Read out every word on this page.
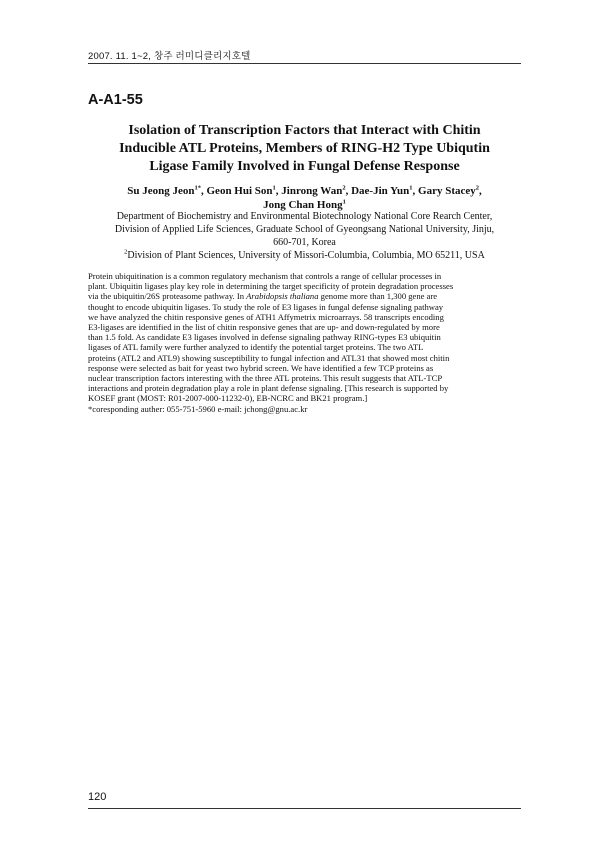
2007. 11. 1~2, 창주 러미디클리지호텔
A-A1-55
Isolation of Transcription Factors that Interact with Chitin
Inducible ATL Proteins, Members of RING-H2 Type Ubiqutin
Ligase Family Involved in Fungal Defense Response
Su Jeong Jeon$^{1*}$, Geon Hui Son$^1$, Jinrong Wan$^2$, Dae-Jin Yun$^1$, Gary Stacey$^2$,
Jong Chan Hong$^1$
Department of Biochemistry and Environmental Biotechnology National Core Rearch Center,
Division of Applied Life Sciences, Graduate School of Gyeongsang National University, Jinju,
660-701, Korea
$^2$Division of Plant Sciences, University of Missori-Columbia, Columbia, MO 65211, USA
Protein ubiquitination is a common regulatory mechanism that controls a range of cellular processes in
plant. Ubiquitin ligases play key role in determining the target specificity of protein degradation processes
via the ubiquitin/26S proteasome pathway. In Arabidopsis thaliana genome more than 1,300 gene are
thought to encode ubiquitin ligases. To study the role of E3 ligases in fungal defense signaling pathway
we have analyzed the chitin responsive genes of ATH1 Affymetrix microarrays. 58 transcripts encoding
E3-ligases are identified in the list of chitin responsive genes that are up- and down-regulated by more
than 1.5 fold. As candidate E3 ligases involved in defense signaling pathway RING-types E3 ubiquitin
ligases of ATL family were further analyzed to identify the potential target proteins. The two ATL
proteins (ATL2 and ATL9) showing susceptibility to fungal infection and ATL31 that showed most chitin
response were selected as bait for yeast two hybrid screen. We have identified a few TCP proteins as
nuclear transcription factors interesting with the three ATL proteins. This result suggests that ATL-TCP
interactions and protein degradation play a role in plant defense signaling. [This research is supported by
KOSEF grant (MOST: R01-2007-000-11232-0), EB-NCRC and BK21 program.]
*coresponding auther: 055-751-5960 e-mail: jchong@gnu.ac.kr
120
